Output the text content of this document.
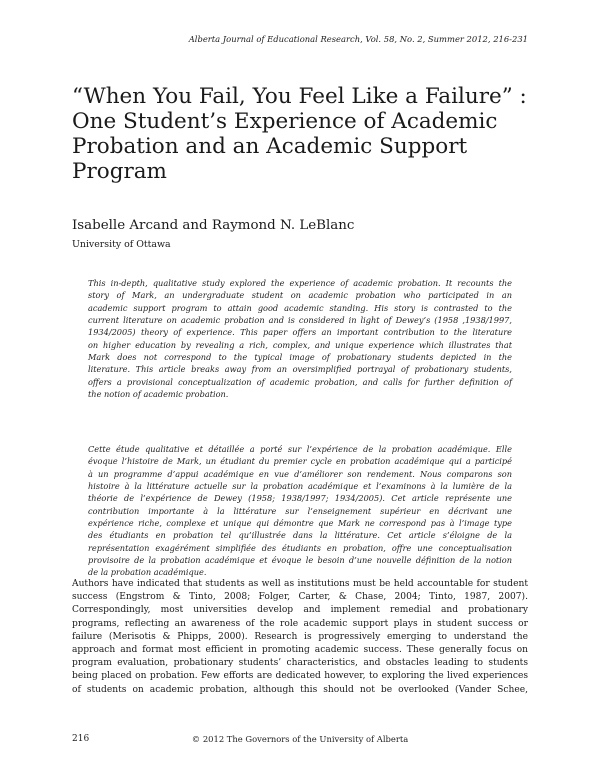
Alberta Journal of Educational Research, Vol. 58, No. 2, Summer 2012, 216-231
“When You Fail, You Feel Like a Failure” :
One Student’s Experience of Academic
Probation and an Academic Support
Program
Isabelle Arcand and Raymond N. LeBlanc
University of Ottawa
This in-depth, qualitative study explored the experience of academic probation. It recounts the
story of Mark, an undergraduate student on academic probation who participated in an
academic support program to attain good academic standing. His story is contrasted to the
current literature on academic probation and is considered in light of Dewey’s (1958 ,1938/1997,
1934/2005) theory of experience. This paper offers an important contribution to the literature
on higher education by revealing a rich, complex, and unique experience which illustrates that
Mark does not correspond to the typical image of probationary students depicted in the
literature. This article breaks away from an oversimplified portrayal of probationary students,
offers a provisional conceptualization of academic probation, and calls for further definition of
the notion of academic probation.
Cette étude qualitative et détaillée a porté sur l’expérience de la probation académique. Elle
évoque l’histoire de Mark, un étudiant du premier cycle en probation académique qui a participé
à un programme d’appui académique en vue d’améliorer son rendement. Nous comparons son
histoire à la littérature actuelle sur la probation académique et l’examinons à la lumière de la
théorie de l’expérience de Dewey (1958; 1938/1997; 1934/2005). Cet article représente une
contribution importante à la littérature sur l’enseignement supérieur en décrivant une
expérience riche, complexe et unique qui démontre que Mark ne correspond pas à l’image type
des étudiants en probation tel qu’illustrée dans la littérature. Cet article s’éloigne de la
représentation exagérément simplifiée des étudiants en probation, offre une conceptualisation
provisoire de la probation académique et évoque le besoin d’une nouvelle définition de la notion
de la probation académique.
Authors have indicated that students as well as institutions must be held accountable for student
success (Engstrom & Tinto, 2008; Folger, Carter, & Chase, 2004; Tinto, 1987, 2007).
Correspondingly, most universities develop and implement remedial and probationary
programs, reflecting an awareness of the role academic support plays in student success or
failure (Merisotis & Phipps, 2000). Research is progressively emerging to understand the
approach and format most efficient in promoting academic success. These generally focus on
program evaluation, probationary students’ characteristics, and obstacles leading to students
being placed on probation. Few efforts are dedicated however, to exploring the lived experiences
of students on academic probation, although this should not be overlooked (Vander Schee,
© 2012 The Governors of the University of Alberta
216
